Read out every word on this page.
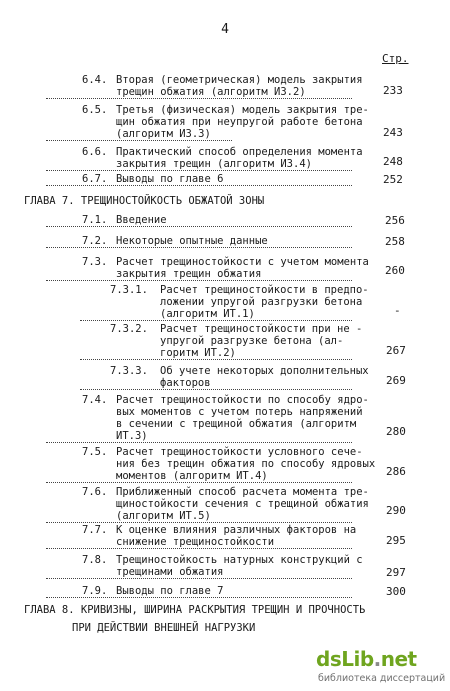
4
Стр.
6.4. Вторая (геометрическая) модель закрытия
трещин обжатия (алгоритм ИЗ.2)	233
6.5. Третья (физическая) модель закрытия тре-
щин обжатия при неупругой работе бетона
(алгоритм ИЗ.3)	243
6.6. Практический способ определения момента
закрытия трещин (алгоритм ИЗ.4)	248
6.7. Выводы по главе 6	252
ГЛАВА 7. ТРЕЩИНОСТОЙКОСТЬ ОБЖАТОЙ ЗОНЫ
7.1. Введение	256
7.2. Некоторые опытные данные	258
7.3. Расчет трещиностойкости с учетом момента
закрытия трещин обжатия	260
7.3.1.	Расчет трещиностойкости в предпо-
ложении упругой разгрузки бетона
(алгоритм ИТ.1)	-
7.3.2.	Расчет трещиностойкости при не -
упругой разгрузке бетона (ал-
горитм ИТ.2)	267
7.3.3.	Об учете некоторых дополнительных
факторов	269
7.4. Расчет трещиностойкости по способу ядро-
вых моментов с учетом потерь напряжений
в сечении с трещиной обжатия (алгоритм
ИТ.3)	280
7.5. Расчет трещиностойкости условного сече-
ния без трещин обжатия по способу ядровых
моментов (алгоритм ИТ.4)	286
7.6. Приближенный способ расчета момента тре-
щиностойкости сечения с трещиной обжатия
(алгоритм ИТ.5)	290
7.7. К оценке влияния различных факторов на
снижение трещиностойкости	295
7.8. Трещиностойкость натурных конструкций с
трещинами обжатия	297
7.9. Выводы по главе 7	300
ГЛАВА 8. КРИВИЗНЫ, ШИРИНА РАСКРЫТИЯ ТРЕЩИН И ПРОЧНОСТЬ
ПРИ ДЕЙСТВИИ ВНЕШНЕЙ НАГРУЗКИ
dsLib.net
библиотека диссертаций
